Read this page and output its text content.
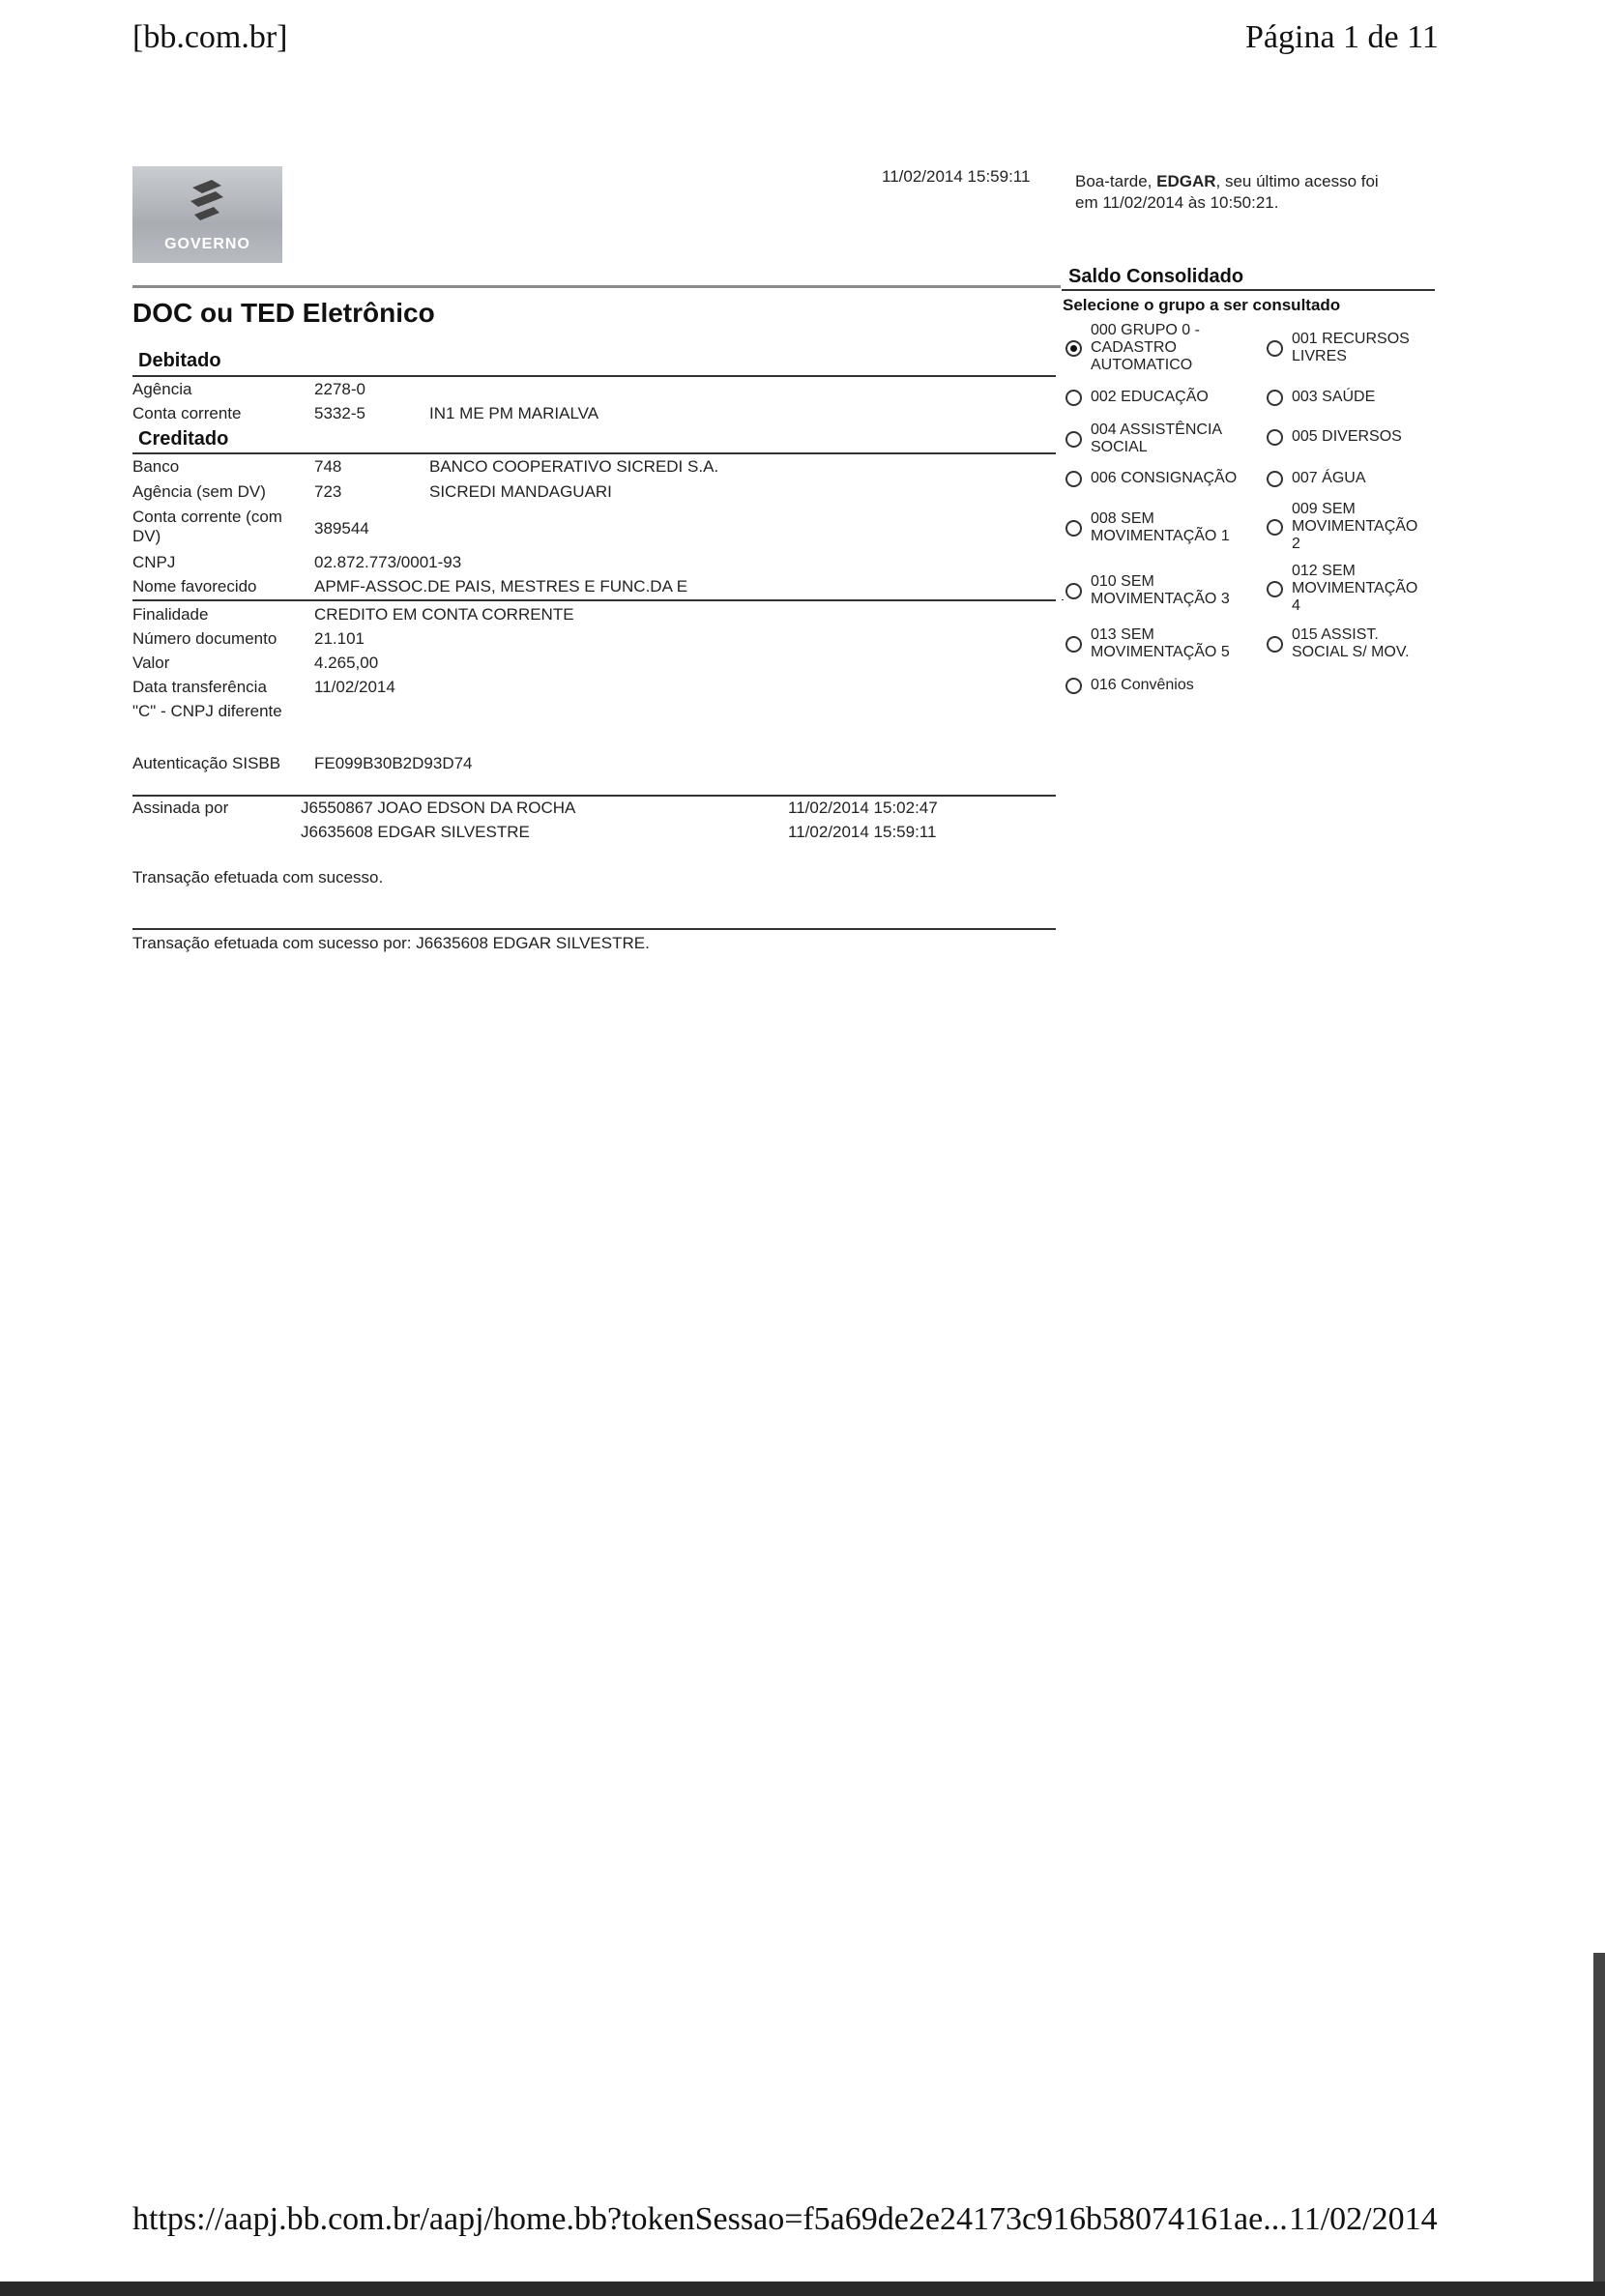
[bb.com.br]	Página 1 de 11
GOVERNO
11/02/2014 15:59:11	Boa-tarde, EDGAR, seu último acesso foi
em 11/02/2014 às 10:50:21.
DOC ou TED Eletrônico
Debitado
Agência	2278-0
Conta corrente	5332-5	IN1 ME PM MARIALVA
Creditado
Banco	748	BANCO COOPERATIVO SICREDI S.A.
Agência (sem DV)	723	SICREDI MANDAGUARI
Conta corrente (com DV)	389544
CNPJ	02.872.773/0001-93
Nome favorecido	APMF-ASSOC.DE PAIS, MESTRES E FUNC.DA E
Finalidade	CREDITO EM CONTA CORRENTE
Número documento	21.101
Valor	4.265,00
Data transferência	11/02/2014
"C" - CNPJ diferente
Autenticação SISBB	FE099B30B2D93D74
Assinada por	J6550867 JOAO EDSON DA ROCHA	11/02/2014 15:02:47
J6635608 EDGAR SILVESTRE	11/02/2014 15:59:11
Transação efetuada com sucesso.
Transação efetuada com sucesso por: J6635608 EDGAR SILVESTRE.
Saldo Consolidado
Selecione o grupo a ser consultado
000 GRUPO 0 -
CADASTRO
AUTOMATICO
001 RECURSOS
LIVRES
002 EDUCAÇÃO	003 SAÚDE
004 ASSISTÊNCIA
SOCIAL
005 DIVERSOS
006 CONSIGNAÇÃO	007 ÁGUA
008 SEM
MOVIMENTAÇÃO 1
009 SEM
MOVIMENTAÇÃO
2
010 SEM
MOVIMENTAÇÃO 3
012 SEM
MOVIMENTAÇÃO
4
013 SEM
MOVIMENTAÇÃO 5
015 ASSIST.
SOCIAL S/ MOV.
016 Convênios
https://aapj.bb.com.br/aapj/home.bb?tokenSessao=f5a69de2e24173c916b58074161ae... 11/02/2014
